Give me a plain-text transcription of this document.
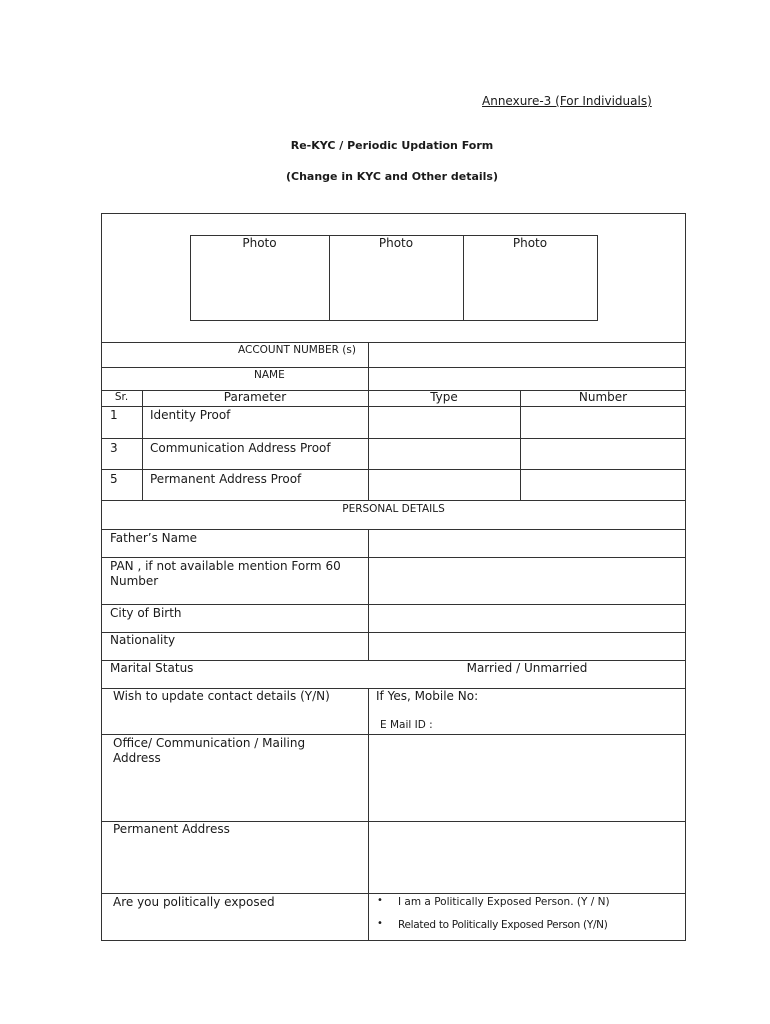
Annexure-3 (For Individuals)
Re-KYC / Periodic Updation Form
(Change in KYC and Other details)
Photo	Photo	Photo
ACCOUNT NUMBER (s)
NAME
Sr.	Parameter	Type	Number
1	Identity Proof
3	Communication Address Proof
5	Permanent Address Proof
PERSONAL DETAILS
Father’s Name
PAN , if not available mention Form 60
Number
City of Birth
Nationality
Marital Status	Married / Unmarried
Wish to update contact details (Y/N)	If Yes, Mobile No:
E Mail ID :
Office/ Communication / Mailing
Address
Permanent Address
Are you politically exposed	• I am a Politically Exposed Person. (Y / N)
• Related to Politically Exposed Person (Y/N)
